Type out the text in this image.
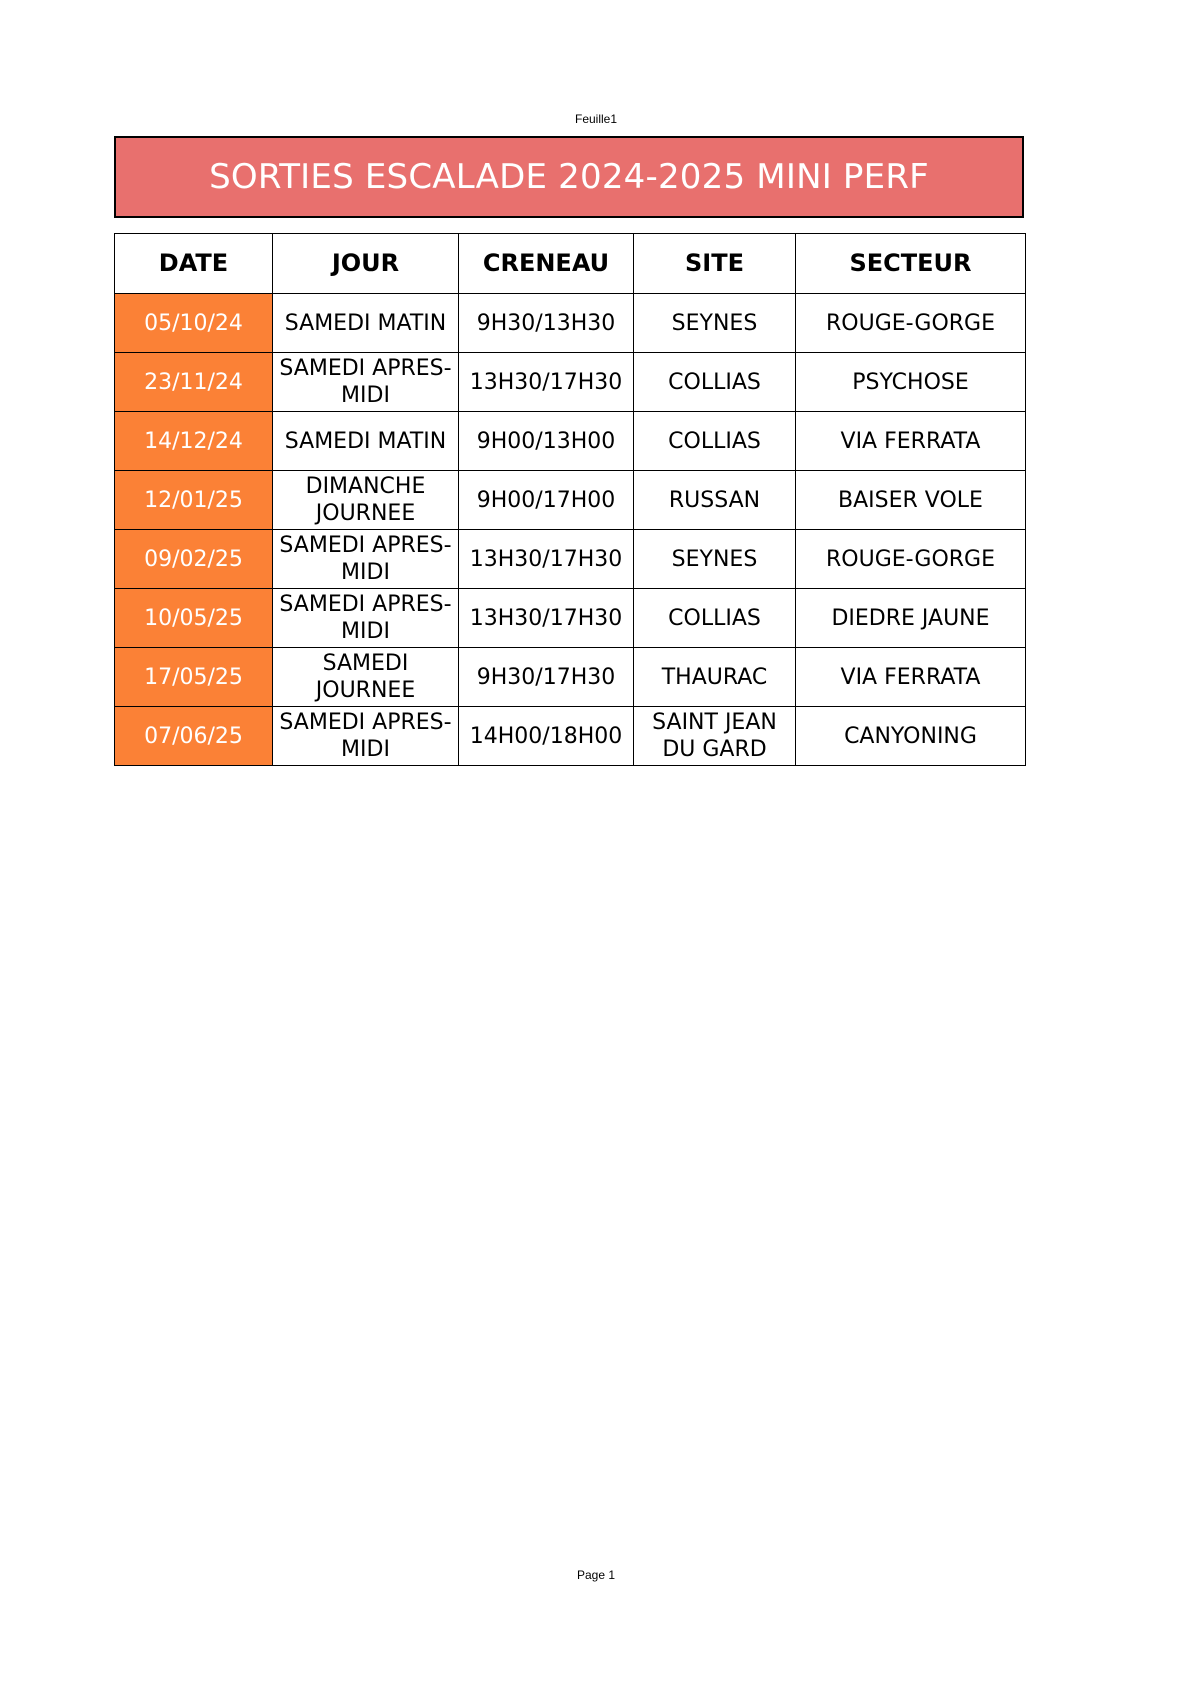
Feuille1
SORTIES ESCALADE 2024-2025 MINI PERF
DATE	JOUR	CRENEAU	SITE	SECTEUR
05/10/24	SAMEDI MATIN	9H30/13H30	SEYNES	ROUGE-GORGE
23/11/24	SAMEDI APRES-MIDI	13H30/17H30	COLLIAS	PSYCHOSE
14/12/24	SAMEDI MATIN	9H00/13H00	COLLIAS	VIA FERRATA
12/01/25	DIMANCHE JOURNEE	9H00/17H00	RUSSAN	BAISER VOLE
09/02/25	SAMEDI APRES-MIDI	13H30/17H30	SEYNES	ROUGE-GORGE
10/05/25	SAMEDI APRES-MIDI	13H30/17H30	COLLIAS	DIEDRE JAUNE
17/05/25	SAMEDI JOURNEE	9H30/17H30	THAURAC	VIA FERRATA
07/06/25	SAMEDI APRES-MIDI	14H00/18H00	SAINT JEAN DU GARD	CANYONING
Page 1
